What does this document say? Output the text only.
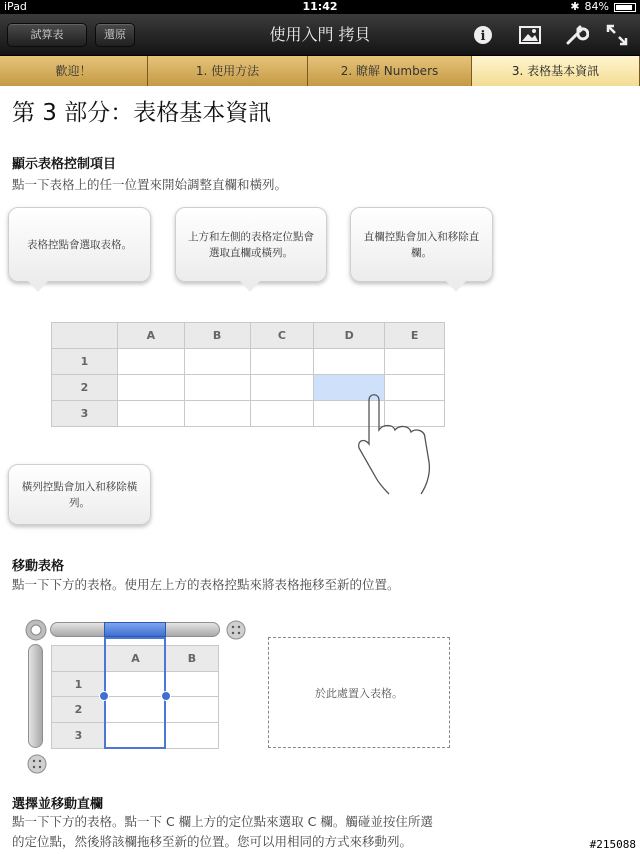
iPad	11:42	✱ 84%
試算表	還原	使用入門 拷貝	i
歡迎！	1. 使用方法	2. 瞭解 Numbers	3. 表格基本資訊
第 3 部分：表格基本資訊
顯示表格控制項目
點一下表格上的任一位置來開始調整直欄和橫列。
表格控點會選取表格。
上方和左側的表格定位點會選取直欄或橫列。
直欄控點會加入和移除直欄。
	A	B	C	D	E
1					
2					
3					
橫列控點會加入和移除橫列。
移動表格
點一下下方的表格。使用左上方的表格控點來將表格拖移至新的位置。
	A	B
1		
2		
3		
於此處置入表格。
選擇並移動直欄
點一下下方的表格。點一下 C 欄上方的定位點來選取 C 欄。觸碰並按住所選
的定位點，然後將該欄拖移至新的位置。您可以用相同的方式來移動列。	#215088
